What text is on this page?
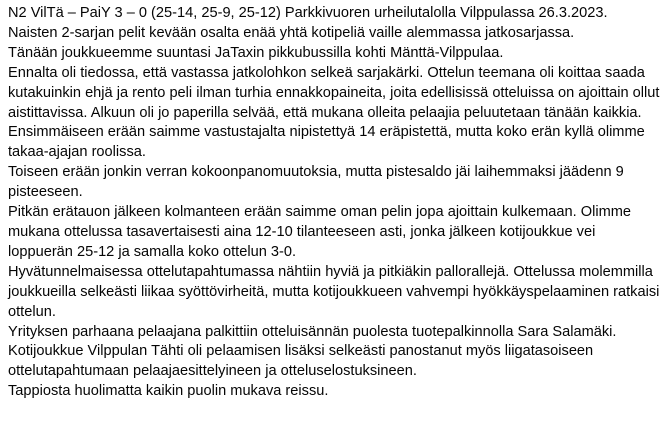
N2 VilTä – PaiY 3 – 0 (25-14, 25-9, 25-12) Parkkivuoren urheilutalolla Vilppulassa 26.3.2023.

Naisten 2-sarjan pelit kevään osalta enää yhtä kotipeliä vaille alemmassa jatkosarjassa.

Tänään joukkueemme suuntasi JaTaxin pikkubussilla kohti Mänttä-Vilppulaa.

Ennalta oli tiedossa, että vastassa jatkolohkon selkeä sarjakärki. Ottelun teemana oli koittaa saada kutakuinkin ehjä ja rento peli ilman turhia ennakkopaineita, joita edellisissä otteluissa on ajoittain ollut aistittavissa. Alkuun oli jo paperilla selvää, että mukana olleita pelaajia peluutetaan tänään kaikkia.

Ensimmäiseen erään saimme vastustajalta nipistettyä 14 eräpistettä, mutta koko erän kyllä olimme takaa-ajajan roolissa.

Toiseen erään jonkin verran kokoonpanomuutoksia, mutta pistesaldo jäi laihemmaksi jäädenn 9 pisteeseen.

Pitkän erätauon jälkeen kolmanteen erään saimme oman pelin jopa ajoittain kulkemaan. Olimme mukana ottelussa tasavertaisesti aina 12-10 tilanteeseen asti, jonka jälkeen kotijoukkue vei loppuerän 25-12 ja samalla koko ottelun 3-0.

Hyvätunnelmaisessa ottelutapahtumassa nähtiin hyviä ja pitkiäkin pallorallejä. Ottelussa molemmilla joukkueilla selkeästi liikaa syöttövirheitä, mutta kotijoukkueen vahvempi hyökkäyspelaaminen ratkaisi ottelun.

Yrityksen parhaana pelaajana palkittiin otteluisännän puolesta tuotepalkinnolla Sara Salamäki.

Kotijoukkue Vilppulan Tähti oli pelaamisen lisäksi selkeästi panostanut myös liigatasoiseen ottelutapahtumaan pelaajaesittelyineen ja otteluselostuksineen.

Tappiosta huolimatta kaikin puolin mukava reissu.
